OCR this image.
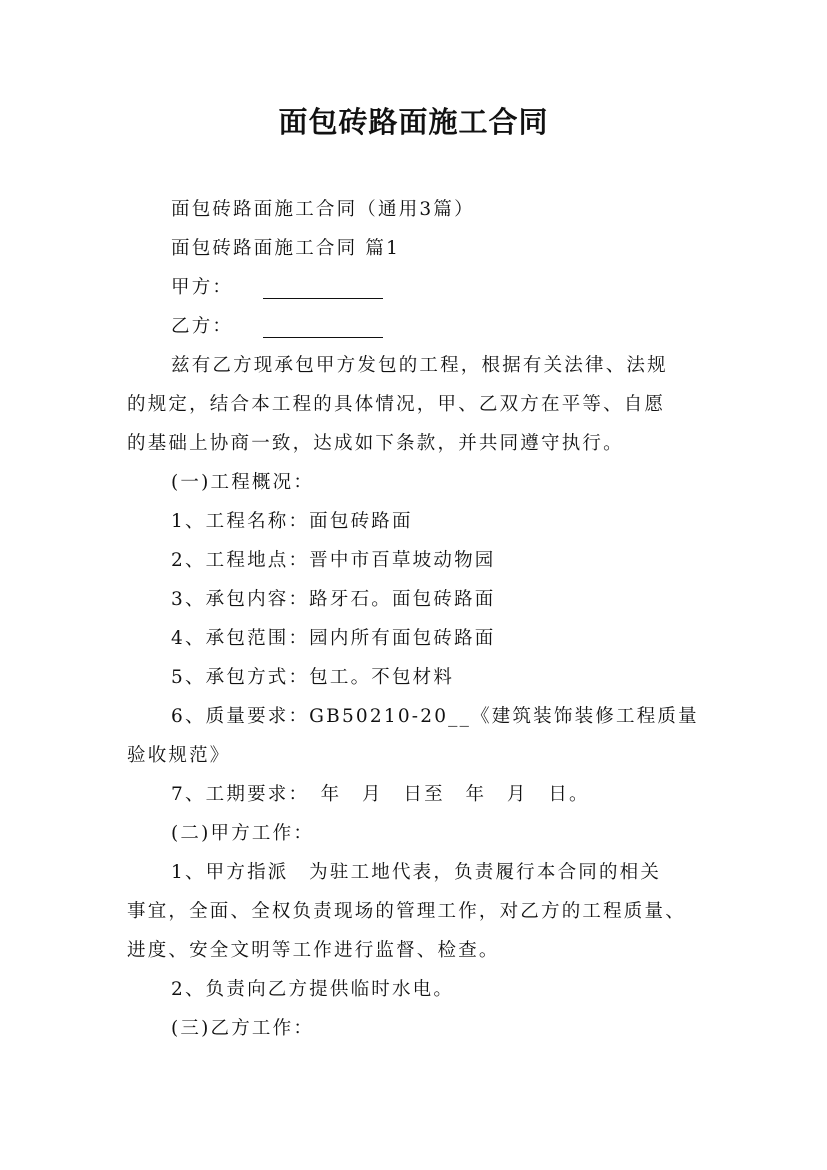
面包砖路面施工合同
面包砖路面施工合同（通用3篇）
面包砖路面施工合同 篇1
甲方：
乙方：
兹有乙方现承包甲方发包的工程，根据有关法律、法规
的规定，结合本工程的具体情况，甲、乙双方在平等、自愿
的基础上协商一致，达成如下条款，并共同遵守执行。
(一)工程概况：
1、工程名称：面包砖路面
2、工程地点：晋中市百草坡动物园
3、承包内容：路牙石。面包砖路面
4、承包范围：园内所有面包砖路面
5、承包方式：包工。不包材料
6、质量要求：GB50210-20__《建筑装饰装修工程质量
验收规范》
7、工期要求：　年　月　日至　年　月　日。
(二)甲方工作：
1、甲方指派　为驻工地代表，负责履行本合同的相关
事宜，全面、全权负责现场的管理工作，对乙方的工程质量、
进度、安全文明等工作进行监督、检查。
2、负责向乙方提供临时水电。
(三)乙方工作：
